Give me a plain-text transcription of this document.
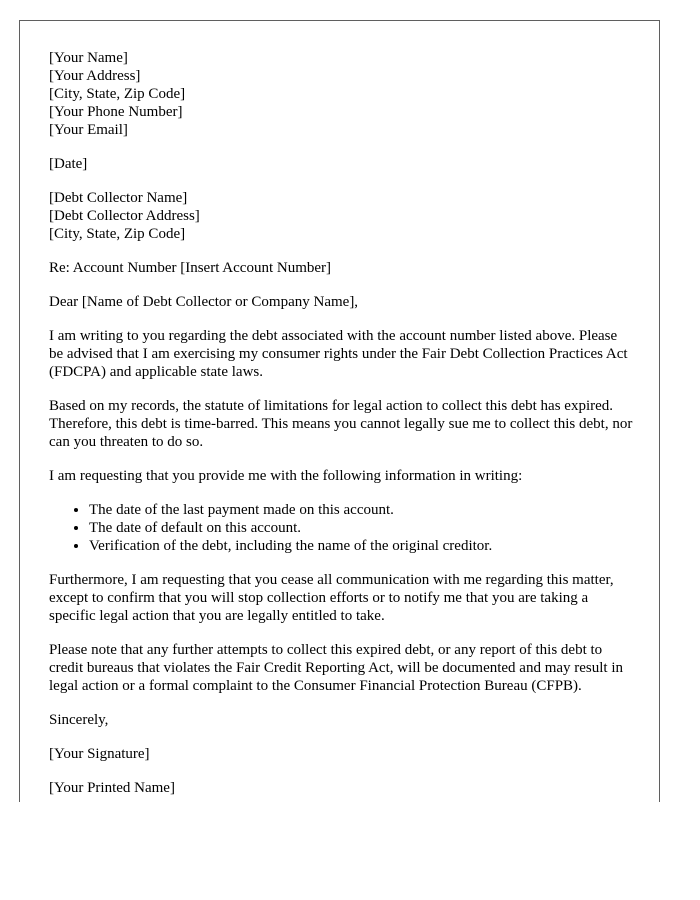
[Your Name]
[Your Address]
[City, State, Zip Code]
[Your Phone Number]
[Your Email]
[Date]
[Debt Collector Name]
[Debt Collector Address]
[City, State, Zip Code]

Re: Account Number [Insert Account Number]

Dear [Name of Debt Collector or Company Name],

I am writing to you regarding the debt associated with the account number listed above. Please be advised that I am exercising my consumer rights under the Fair Debt Collection Practices Act (FDCPA) and applicable state laws.

Based on my records, the statute of limitations for legal action to collect this debt has expired. Therefore, this debt is time-barred. This means you cannot legally sue me to collect this debt, nor can you threaten to do so.

I am requesting that you provide me with the following information in writing:

• The date of the last payment made on this account.
• The date of default on this account.
• Verification of the debt, including the name of the original creditor.

Furthermore, I am requesting that you cease all communication with me regarding this matter, except to confirm that you will stop collection efforts or to notify me that you are taking a specific legal action that you are legally entitled to take.

Please note that any further attempts to collect this expired debt, or any report of this debt to credit bureaus that violates the Fair Credit Reporting Act, will be documented and may result in legal action or a formal complaint to the Consumer Financial Protection Bureau (CFPB).

Sincerely,

[Your Signature]

[Your Printed Name]
